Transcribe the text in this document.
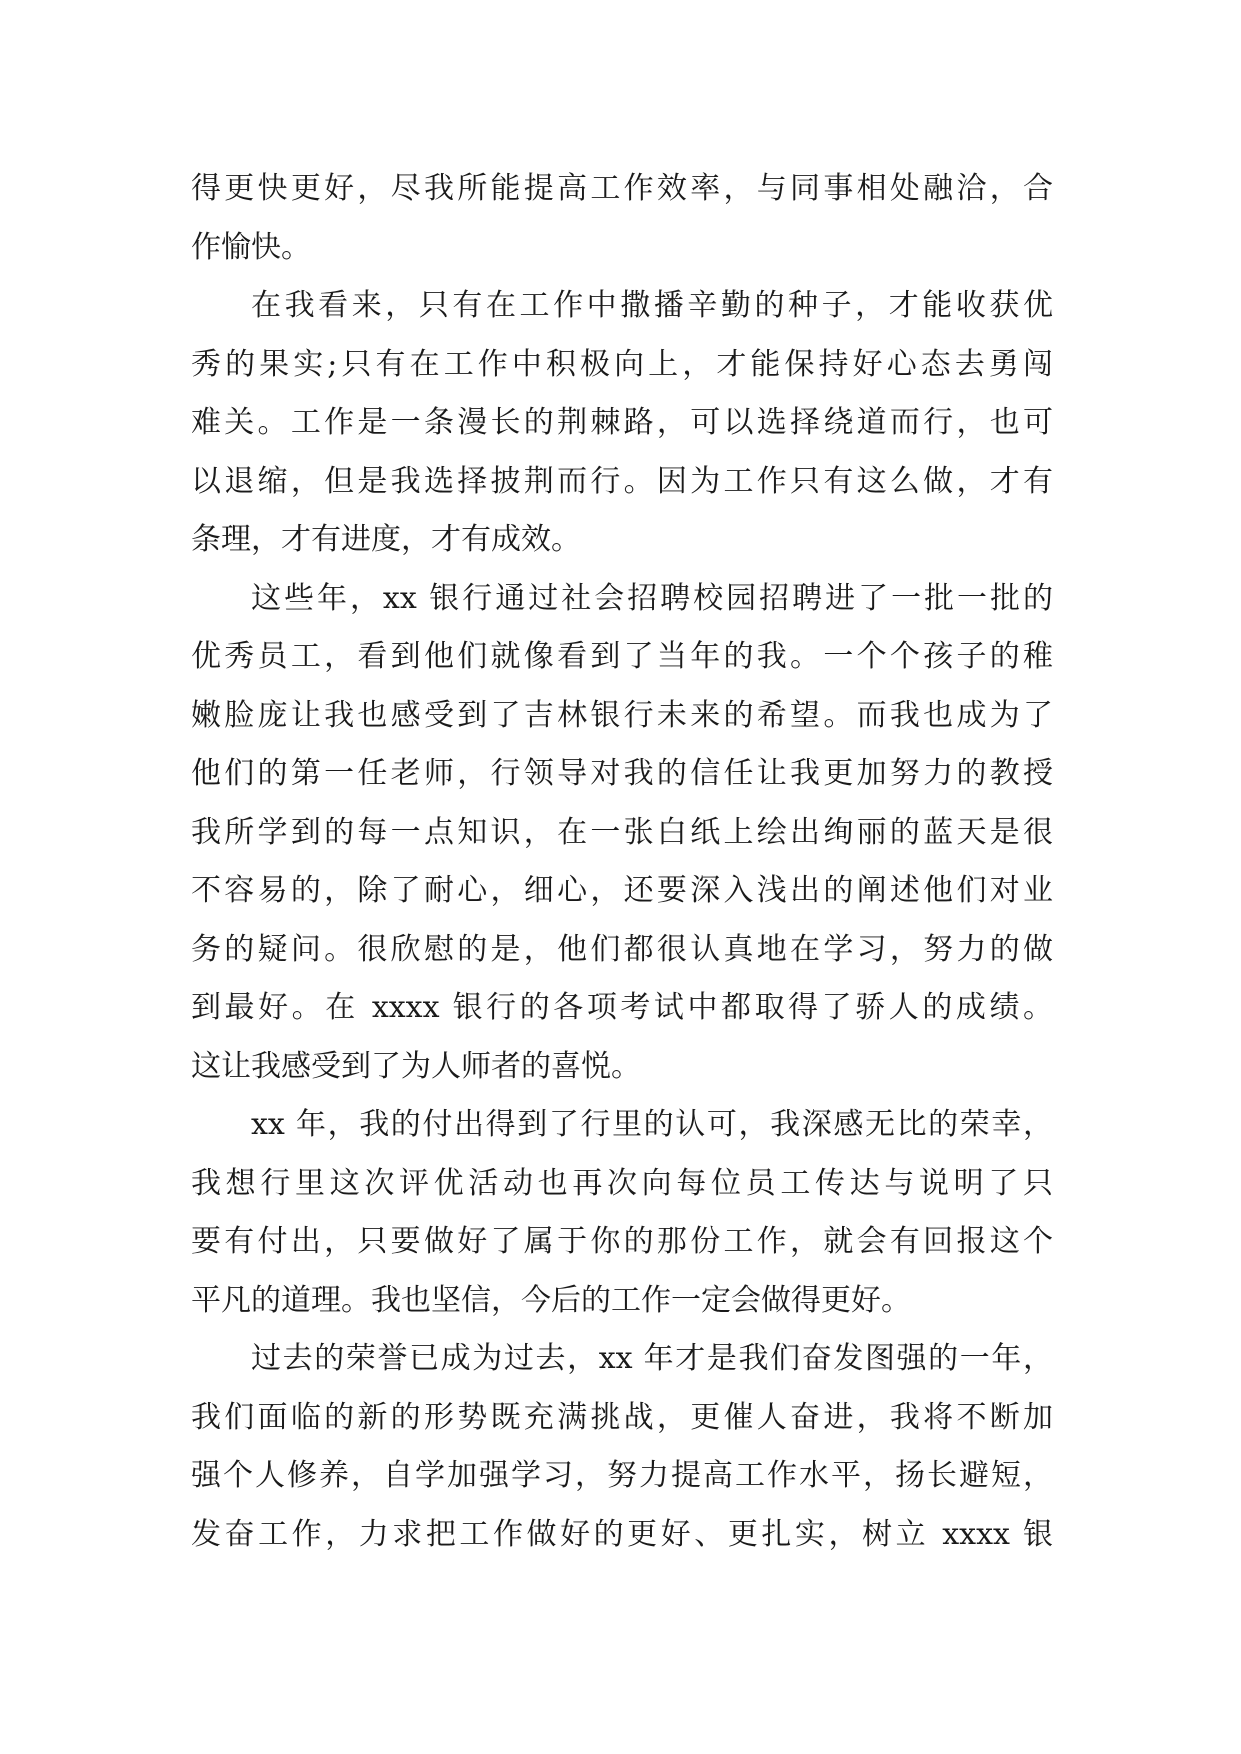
得更快更好，尽我所能提高工作效率，与同事相处融洽，合
作愉快。
在我看来，只有在工作中撒播辛勤的种子，才能收获优
秀的果实;只有在工作中积极向上，才能保持好心态去勇闯
难关。工作是一条漫长的荆棘路，可以选择绕道而行，也可
以退缩，但是我选择披荆而行。因为工作只有这么做，才有
条理，才有进度，才有成效。
这些年，xx 银行通过社会招聘校园招聘进了一批一批的
优秀员工，看到他们就像看到了当年的我。一个个孩子的稚
嫩脸庞让我也感受到了吉林银行未来的希望。而我也成为了
他们的第一任老师，行领导对我的信任让我更加努力的教授
我所学到的每一点知识，在一张白纸上绘出绚丽的蓝天是很
不容易的，除了耐心，细心，还要深入浅出的阐述他们对业
务的疑问。很欣慰的是，他们都很认真地在学习，努力的做
到最好。在 xxxx 银行的各项考试中都取得了骄人的成绩。
这让我感受到了为人师者的喜悦。
xx 年，我的付出得到了行里的认可，我深感无比的荣幸，
我想行里这次评优活动也再次向每位员工传达与说明了只
要有付出，只要做好了属于你的那份工作，就会有回报这个
平凡的道理。我也坚信，今后的工作一定会做得更好。
过去的荣誉已成为过去，xx 年才是我们奋发图强的一年，
我们面临的新的形势既充满挑战，更催人奋进，我将不断加
强个人修养，自学加强学习，努力提高工作水平，扬长避短，
发奋工作，力求把工作做好的更好、更扎实，树立 xxxx 银
